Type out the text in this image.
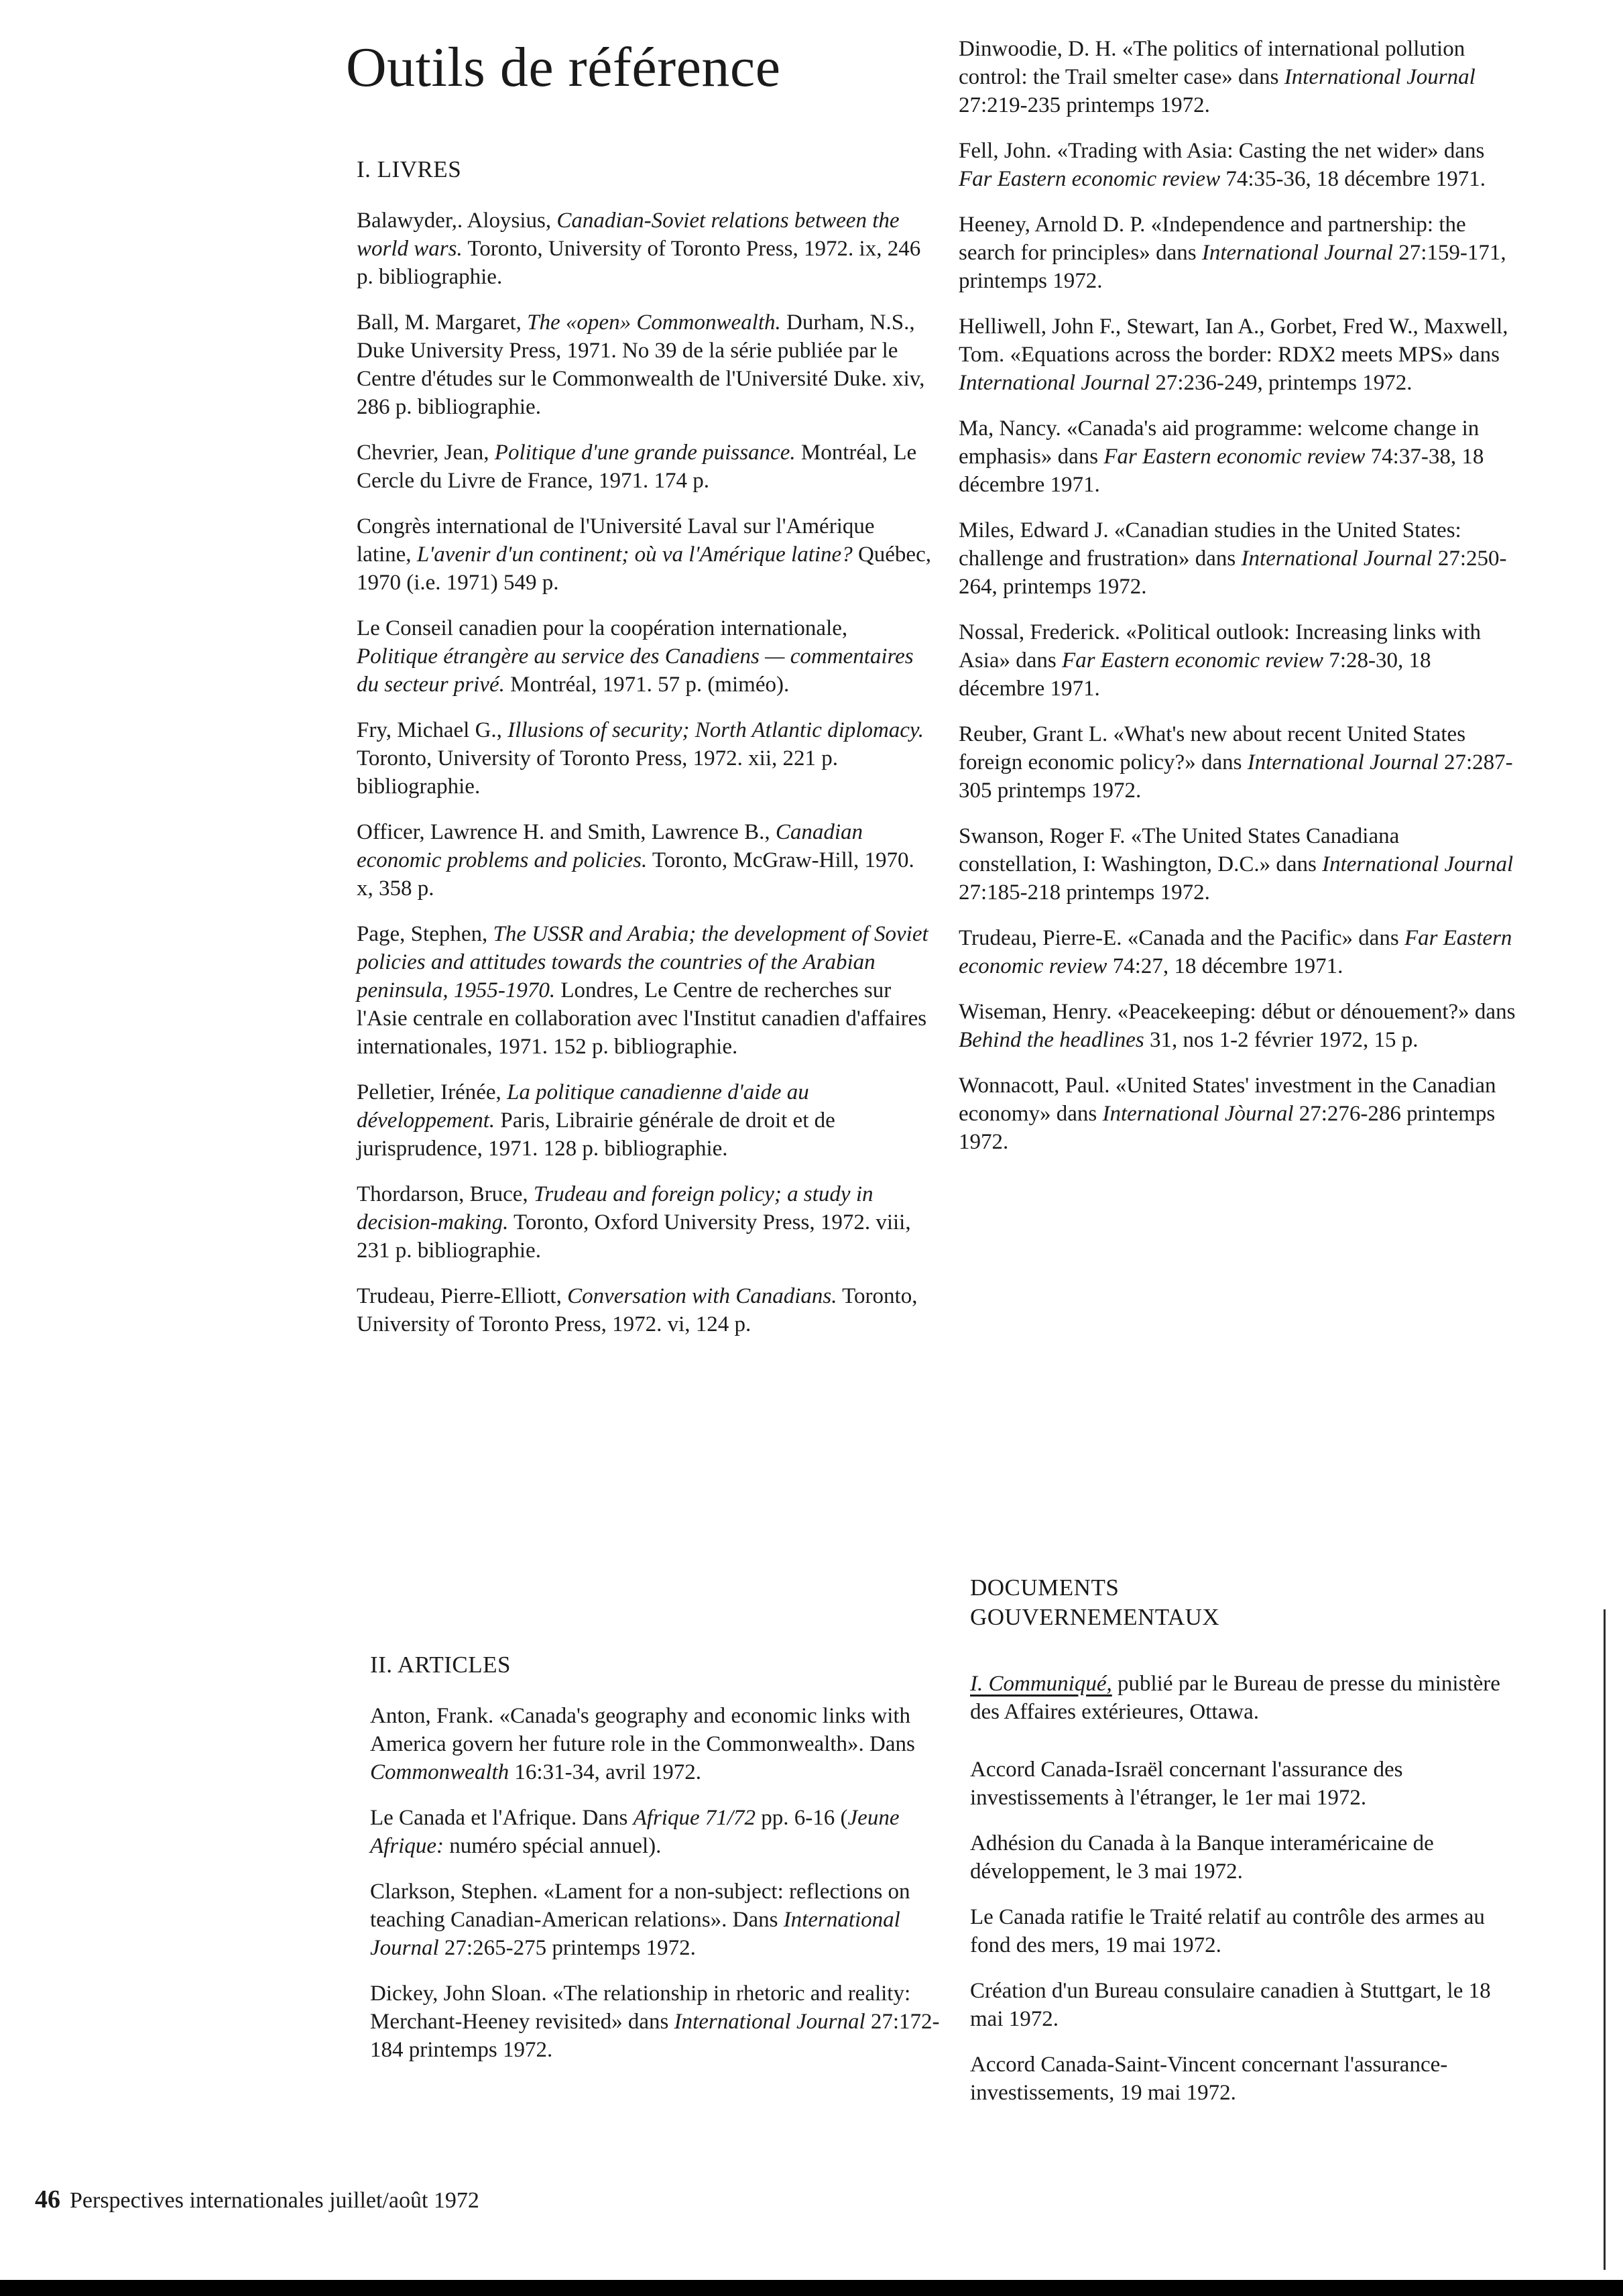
Outils de référence
I. LIVRES

Balawyder,. Aloysius, Canadian-Soviet relations between the world wars. Toronto, University of Toronto Press, 1972. ix, 246 p. bibliographie.

Ball, M. Margaret, The «open» Commonwealth. Durham, N.S., Duke University Press, 1971. No 39 de la série publiée par le Centre d'études sur le Commonwealth de l'Université Duke. xiv, 286 p. bibliographie.

Chevrier, Jean, Politique d'une grande puissance. Montréal, Le Cercle du Livre de France, 1971. 174 p.

Congrès international de l'Université Laval sur l'Amérique latine, L'avenir d'un continent; où va l'Amérique latine? Québec, 1970 (i.e. 1971) 549 p.

Le Conseil canadien pour la coopération internationale, Politique étrangère au service des Canadiens — commentaires du secteur privé. Montréal, 1971. 57 p. (miméo).

Fry, Michael G., Illusions of security; North Atlantic diplomacy. Toronto, University of Toronto Press, 1972. xii, 221 p. bibliographie.

Officer, Lawrence H. and Smith, Lawrence B., Canadian economic problems and policies. Toronto, McGraw-Hill, 1970. x, 358 p.

Page, Stephen, The USSR and Arabia; the development of Soviet policies and attitudes towards the countries of the Arabian peninsula, 1955-1970. Londres, Le Centre de recherches sur l'Asie centrale en collaboration avec l'Institut canadien d'affaires internationales, 1971. 152 p. bibliographie.

Pelletier, Irénée, La politique canadienne d'aide au développement. Paris, Librairie générale de droit et de jurisprudence, 1971. 128 p. bibliographie.

Thordarson, Bruce, Trudeau and foreign policy; a study in decision-making. Toronto, Oxford University Press, 1972. viii, 231 p. bibliographie.

Trudeau, Pierre-Elliott, Conversation with Canadians. Toronto, University of Toronto Press, 1972. vi, 124 p.

II. ARTICLES

Anton, Frank. «Canada's geography and economic links with America govern her future role in the Commonwealth». Dans Commonwealth 16:31-34, avril 1972.

Le Canada et l'Afrique. Dans Afrique 71/72 pp. 6-16 (Jeune Afrique: numéro spécial annuel).

Clarkson, Stephen. «Lament for a non-subject: reflections on teaching Canadian-American relations». Dans International Journal 27:265-275 printemps 1972.

Dickey, John Sloan. «The relationship in rhetoric and reality: Merchant-Heeney revisited» dans International Journal 27:172-184 printemps 1972.

Dinwoodie, D. H. «The politics of international pollution control: the Trail smelter case» dans International Journal 27:219-235 printemps 1972.

Fell, John. «Trading with Asia: Casting the net wider» dans Far Eastern economic review 74:35-36, 18 décembre 1971.

Heeney, Arnold D. P. «Independence and partnership: the search for principles» dans International Journal 27:159-171, printemps 1972.

Helliwell, John F., Stewart, Ian A., Gorbet, Fred W., Maxwell, Tom. «Equations across the border: RDX2 meets MPS» dans International Journal 27:236-249, printemps 1972.

Ma, Nancy. «Canada's aid programme: welcome change in emphasis» dans Far Eastern economic review 74:37-38, 18 décembre 1971.

Miles, Edward J. «Canadian studies in the United States: challenge and frustration» dans International Journal 27:250-264, printemps 1972.

Nossal, Frederick. «Political outlook: Increasing links with Asia» dans Far Eastern economic review 7:28-30, 18 décembre 1971.

Reuber, Grant L. «What's new about recent United States foreign economic policy?» dans International Journal 27:287-305 printemps 1972.

Swanson, Roger F. «The United States Canadiana constellation, I: Washington, D.C.» dans International Journal 27:185-218 printemps 1972.

Trudeau, Pierre-E. «Canada and the Pacific» dans Far Eastern economic review 74:27, 18 décembre 1971.

Wiseman, Henry. «Peacekeeping: début or dénouement?» dans Behind the headlines 31, nos 1-2 février 1972, 15 p.

Wonnacott, Paul. «United States' investment in the Canadian economy» dans International Jòurnal 27:276-286 printemps 1972.

DOCUMENTS
GOUVERNEMENTAUX

I. Communiqué, publié par le Bureau de presse du ministère des Affaires extérieures, Ottawa.

Accord Canada-Israël concernant l'assurance des investissements à l'étranger, le 1er mai 1972.

Adhésion du Canada à la Banque interaméricaine de développement, le 3 mai 1972.

Le Canada ratifie le Traité relatif au contrôle des armes au fond des mers, 19 mai 1972.

Création d'un Bureau consulaire canadien à Stuttgart, le 18 mai 1972.

Accord Canada-Saint-Vincent concernant l'assurance-investissements, 19 mai 1972.

46 Perspectives internationales juillet/août 1972
